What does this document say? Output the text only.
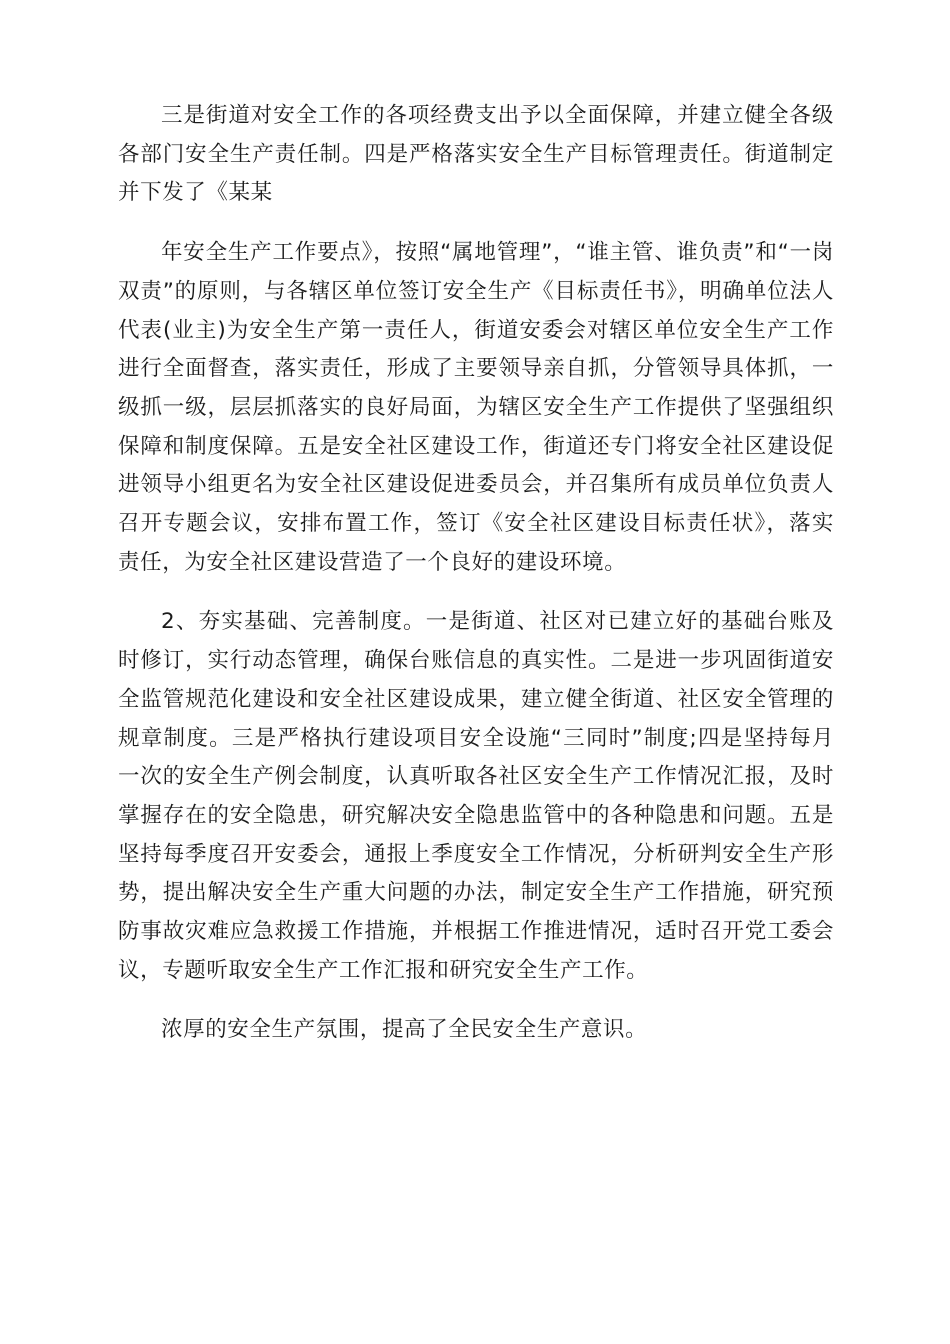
三是街道对安全工作的各项经费支出予以全面保障，并建立健全各级各部门安全生产责任制。四是严格落实安全生产目标管理责任。街道制定并下发了《某某

年安全生产工作要点》，按照“属地管理”，“谁主管、谁负责”和“一岗双责”的原则，与各辖区单位签订安全生产《目标责任书》，明确单位法人代表(业主)为安全生产第一责任人，街道安委会对辖区单位安全生产工作进行全面督查，落实责任，形成了主要领导亲自抓，分管领导具体抓，一级抓一级，层层抓落实的良好局面，为辖区安全生产工作提供了坚强组织保障和制度保障。五是安全社区建设工作，街道还专门将安全社区建设促进领导小组更名为安全社区建设促进委员会，并召集所有成员单位负责人召开专题会议，安排布置工作，签订《安全社区建设目标责任状》，落实责任，为安全社区建设营造了一个良好的建设环境。

2、夯实基础、完善制度。一是街道、社区对已建立好的基础台账及时修订，实行动态管理，确保台账信息的真实性。二是进一步巩固街道安全监管规范化建设和安全社区建设成果，建立健全街道、社区安全管理的规章制度。三是严格执行建设项目安全设施“三同时”制度;四是坚持每月一次的安全生产例会制度，认真听取各社区安全生产工作情况汇报，及时掌握存在的安全隐患，研究解决安全隐患监管中的各种隐患和问题。五是坚持每季度召开安委会，通报上季度安全工作情况，分析研判安全生产形势，提出解决安全生产重大问题的办法，制定安全生产工作措施，研究预防事故灾难应急救援工作措施，并根据工作推进情况，适时召开党工委会议，专题听取安全生产工作汇报和研究安全生产工作。

浓厚的安全生产氛围，提高了全民安全生产意识。
